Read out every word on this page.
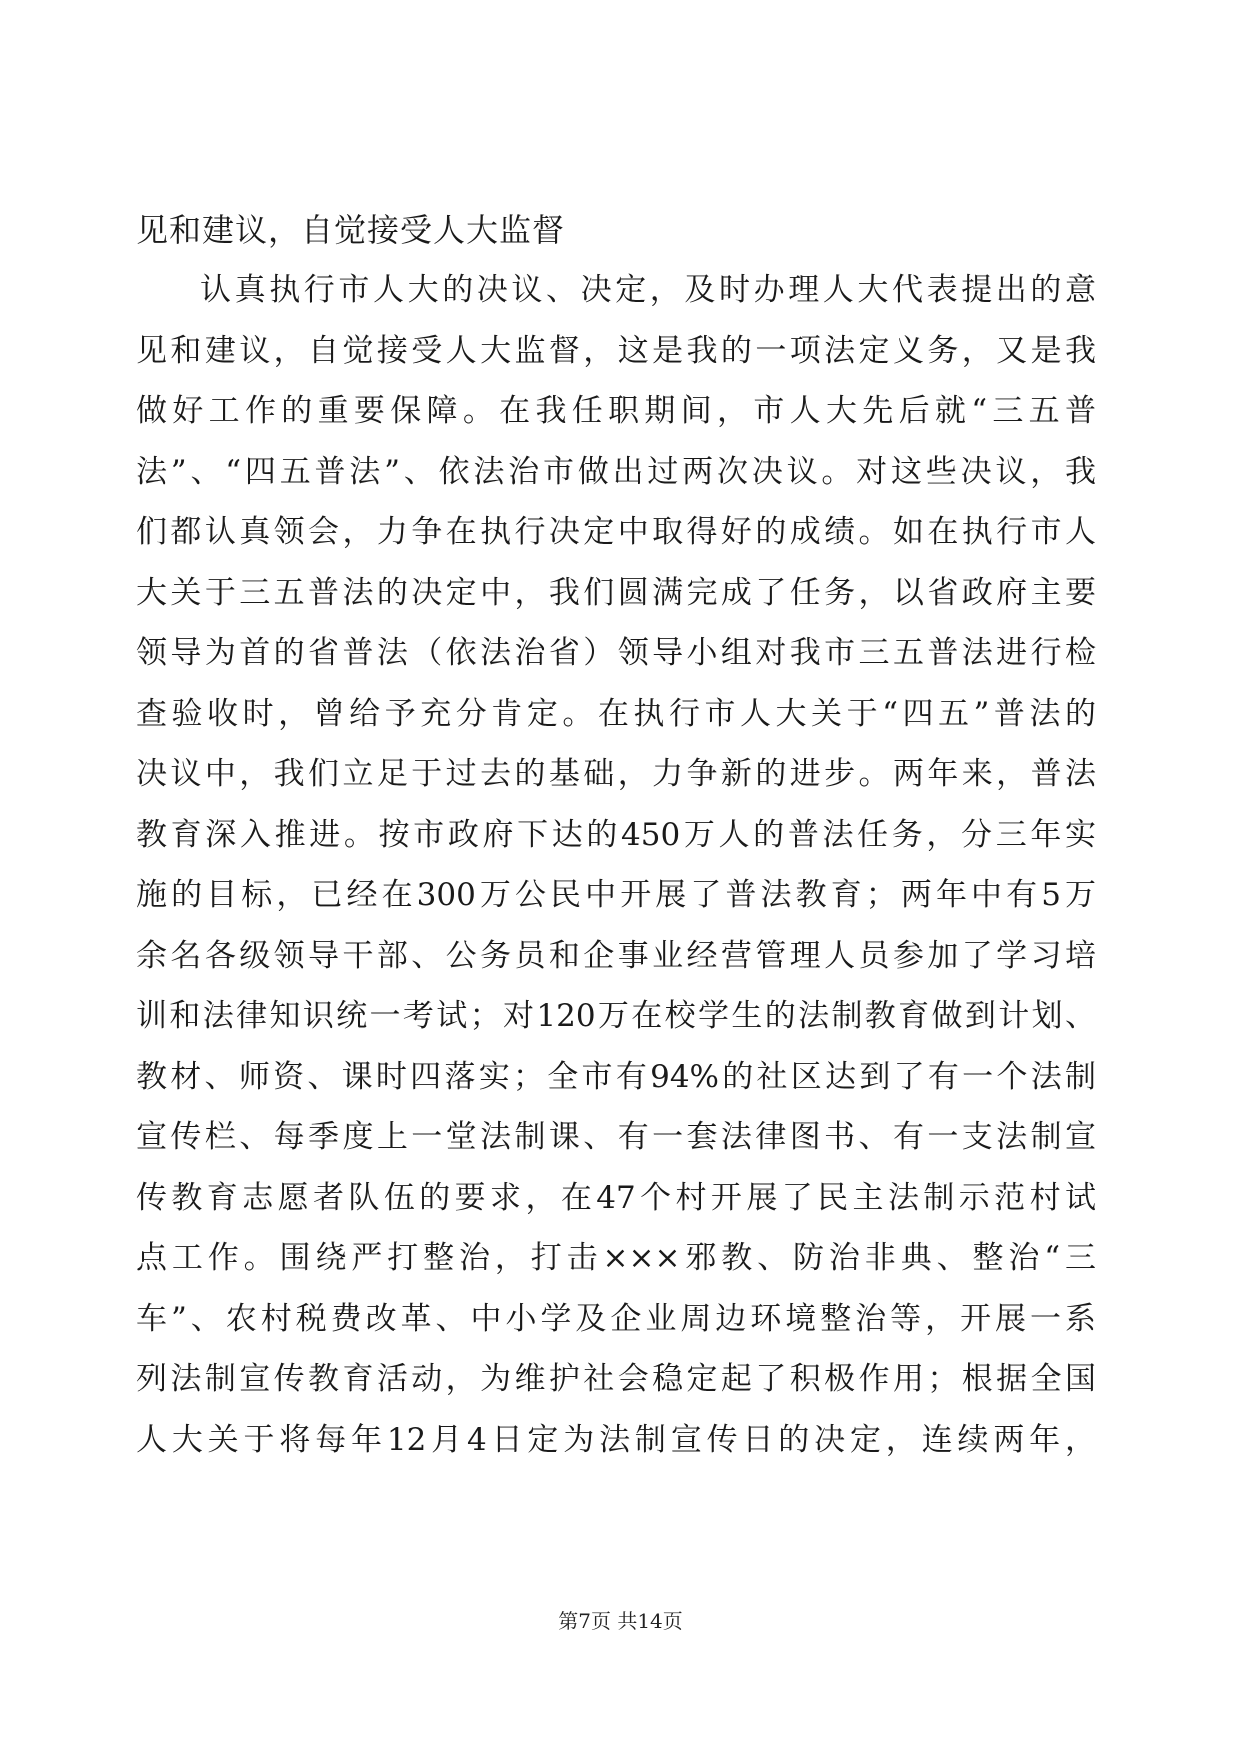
见和建议，自觉接受人大监督
认真执行市人大的决议、决定，及时办理人大代表提出的意
见和建议，自觉接受人大监督，这是我的一项法定义务，又是我
做好工作的重要保障。在我任职期间，市人大先后就“三五普
法”、“四五普法”、依法治市做出过两次决议。对这些决议，我
们都认真领会，力争在执行决定中取得好的成绩。如在执行市人
大关于三五普法的决定中，我们圆满完成了任务，以省政府主要
领导为首的省普法（依法治省）领导小组对我市三五普法进行检
查验收时，曾给予充分肯定。在执行市人大关于“四五”普法的
决议中，我们立足于过去的基础，力争新的进步。两年来，普法
教育深入推进。按市政府下达的450万人的普法任务，分三年实
施的目标，已经在300万公民中开展了普法教育；两年中有5万
余名各级领导干部、公务员和企事业经营管理人员参加了学习培
训和法律知识统一考试；对120万在校学生的法制教育做到计划、
教材、师资、课时四落实；全市有94%的社区达到了有一个法制
宣传栏、每季度上一堂法制课、有一套法律图书、有一支法制宣
传教育志愿者队伍的要求，在47个村开展了民主法制示范村试
点工作。围绕严打整治，打击×××邪教、防治非典、整治“三
车”、农村税费改革、中小学及企业周边环境整治等，开展一系
列法制宣传教育活动，为维护社会稳定起了积极作用；根据全国
人大关于将每年12月4日定为法制宣传日的决定，连续两年，
第7页 共14页
